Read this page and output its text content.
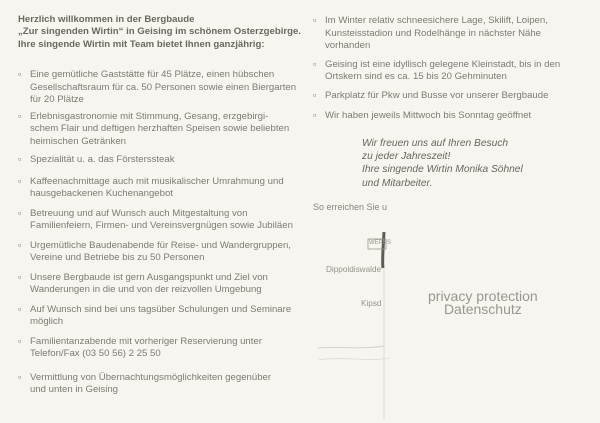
Herzlich willkommen in der Bergbaude
„Zur singenden Wirtin“ in Geising im schönem Osterzgebirge.
Ihre singende Wirtin mit Team bietet Ihnen ganzjährig:
▫ Eine gemütliche Gaststätte für 45 Plätze, einen hübschen
Gesellschaftsraum für ca. 50 Personen sowie einen Biergarten
für 20 Plätze
▫ Erlebnisgastronomie mit Stimmung, Gesang, erzgebirgi-
schem Flair und deftigen herzhaften Speisen sowie beliebten
heimischen Getränken
▫ Spezialität u. a. das Försterssteak
▫ Kaffeenachmittage auch mit musikalischer Umrahmung und
hausgebackenen Kuchenangebot
▫ Betreuung und auf Wunsch auch Mitgestaltung von
Familienfeiern, Firmen- und Vereinsvergnügen sowie Jubiläen
▫ Urgemütliche Baudenabende für Reise- und Wandergruppen,
Vereine und Betriebe bis zu 50 Personen
▫ Unsere Bergbaude ist gern Ausgangspunkt und Ziel von
Wanderungen in die und von der reizvollen Umgebung
▫ Auf Wunsch sind bei uns tagsüber Schulungen und Seminare
möglich
▫ Familientanzabende mit vorheriger Reservierung unter
Telefon/Fax (03 50 56) 2 25 50
▫ Vermittlung von Übernachtungsmöglichkeiten gegenüber
und unten in Geising
▫ Im Winter relativ schneesichere Lage, Skilift, Loipen,
Kunsteisstadion und Rodelhänge in nächster Nähe
vorhanden
▫ Geising ist eine idyllisch gelegene Kleinstadt, bis in den
Ortskern sind es ca. 15 bis 20 Gehminuten
▫ Parkplatz für Pkw und Busse vor unserer Bergbaude
▫ Wir haben jeweils Mittwoch bis Sonntag geöffnet
Wir freuen uns auf Ihren Besuch
zu jeder Jahreszeit!
Ihre singende Wirtin Monika Söhnel
und Mitarbeiter.
So erreichen Sie u
WEPNS
Dippoldiswalde
Kipsd	privacy protection
Datenschutz
